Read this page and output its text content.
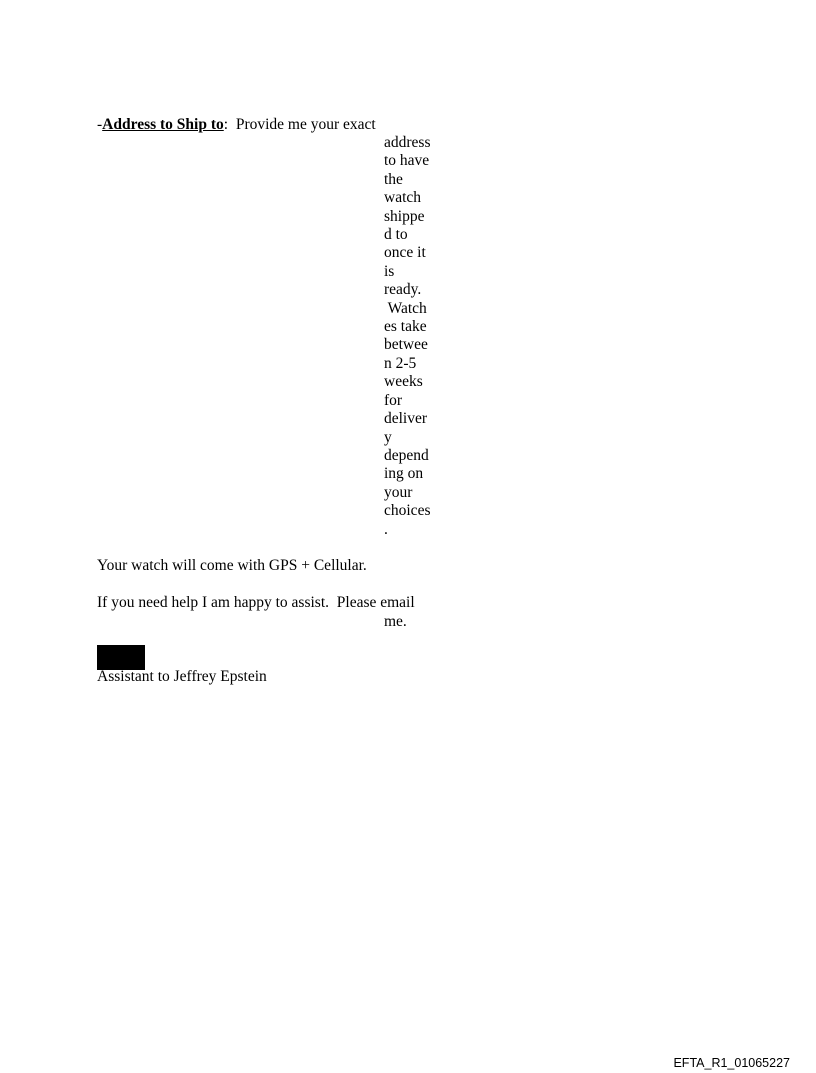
-Address to Ship to:  Provide me your exact
address
to have
the
watch
shippe
d to
once it
is
ready.
Watch
es take
betwee
n 2-5
weeks
for
deliver
y
depend
ing on
your
choices
.
Your watch will come with GPS + Cellular.
If you need help I am happy to assist.  Please email
me.
Assistant to Jeffrey Epstein
EFTA_R1_01065227
